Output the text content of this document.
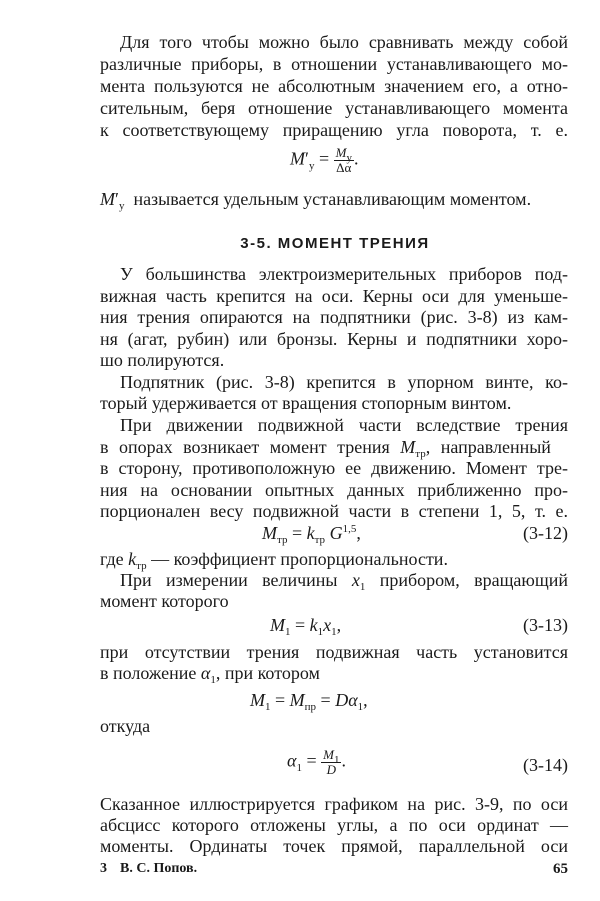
Для того чтобы можно было сравнивать между собой
различные приборы, в отношении устанавливающего мо-
мента пользуются не абсолютным значением его, а отно-
сительным, беря отношение устанавливающего момента
к соответствующему приращению угла поворота, т. е.
$M'_у = \frac{M_у}{\Delta\alpha}$ .
$M'_у$ называется удельным устанавливающим моментом.
3-5. МОМЕНТ ТРЕНИЯ
У большинства электроизмерительных приборов под-
вижная часть крепится на оси. Керны оси для уменьше-
ния трения опираются на подпятники (рис. 3-8) из кам-
ня (агат, рубин) или бронзы. Керны и подпятники хоро-
шо полируются.
Подпятник (рис. 3-8) крепится в упорном винте, ко-
торый удерживается от вращения стопорным винтом.
При движении подвижной части вследствие трения
в опорах возникает момент трения $M_{тр}$, направленный
в сторону, противоположную ее движению. Момент тре-
ния на основании опытных данных приближенно про-
порционален весу подвижной части в степени 1, 5, т. е.
$M_{тр} = k_{тр}$ G$^{1,5}$,	(3-12)
где $k_{тр}$ — коэффициент пропорциональности.
При измерении величины $x_1$ прибором, вращающий
момент которого
$M_1 = k_1x_1$,	(3-13)
при отсутствии трения подвижная часть установится
в положение $\alpha_1$, при котором
$M_1 = M_{пр} = D\alpha_1$,
откуда
$\alpha_1 = \frac{M_1}{D}$ .	(3-14)
Сказанное иллюстрируется графиком на рис. 3-9, по оси
абсцисс которого отложены углы, а по оси ординат —
моменты. Ординаты точек прямой, параллельной оси
3 В. С. Попов.	65
